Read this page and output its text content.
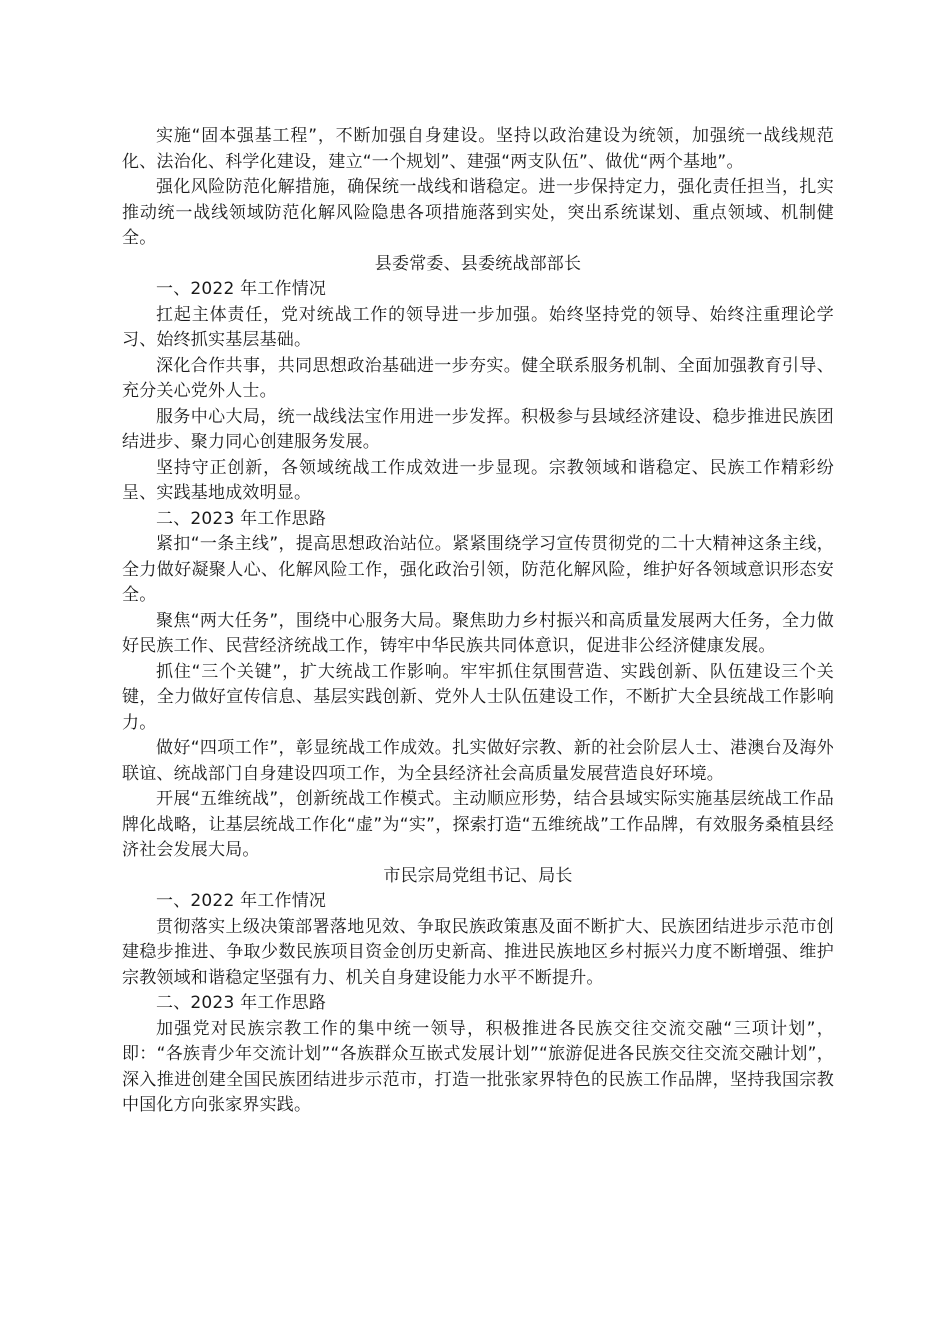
实施“固本强基工程”，不断加强自身建设。坚持以政治建设为统领，加强统一战线规范化、法治化、科学化建设，建立“一个规划”、建强“两支队伍”、做优“两个基地”。

强化风险防范化解措施，确保统一战线和谐稳定。进一步保持定力，强化责任担当，扎实推动统一战线领域防范化解风险隐患各项措施落到实处，突出系统谋划、重点领域、机制健全。

县委常委、县委统战部部长
一、2022 年工作情况

扛起主体责任，党对统战工作的领导进一步加强。始终坚持党的领导、始终注重理论学习、始终抓实基层基础。

深化合作共事，共同思想政治基础进一步夯实。健全联系服务机制、全面加强教育引导、充分关心党外人士。

服务中心大局，统一战线法宝作用进一步发挥。积极参与县域经济建设、稳步推进民族团结进步、聚力同心创建服务发展。

坚持守正创新，各领域统战工作成效进一步显现。宗教领域和谐稳定、民族工作精彩纷呈、实践基地成效明显。

二、2023 年工作思路

紧扣“一条主线”，提高思想政治站位。紧紧围绕学习宣传贯彻党的二十大精神这条主线，全力做好凝聚人心、化解风险工作，强化政治引领，防范化解风险，维护好各领域意识形态安全。

聚焦“两大任务”，围绕中心服务大局。聚焦助力乡村振兴和高质量发展两大任务，全力做好民族工作、民营经济统战工作，铸牢中华民族共同体意识，促进非公经济健康发展。

抓住“三个关键”，扩大统战工作影响。牢牢抓住氛围营造、实践创新、队伍建设三个关键，全力做好宣传信息、基层实践创新、党外人士队伍建设工作，不断扩大全县统战工作影响力。

做好“四项工作”，彰显统战工作成效。扎实做好宗教、新的社会阶层人士、港澳台及海外联谊、统战部门自身建设四项工作，为全县经济社会高质量发展营造良好环境。

开展“五维统战”，创新统战工作模式。主动顺应形势，结合县域实际实施基层统战工作品牌化战略，让基层统战工作化“虚”为“实”，探索打造“五维统战”工作品牌，有效服务桑植县经济社会发展大局。

市民宗局党组书记、局长
一、2022 年工作情况

贯彻落实上级决策部署落地见效、争取民族政策惠及面不断扩大、民族团结进步示范市创建稳步推进、争取少数民族项目资金创历史新高、推进民族地区乡村振兴力度不断增强、维护宗教领域和谐稳定坚强有力、机关自身建设能力水平不断提升。

二、2023 年工作思路

加强党对民族宗教工作的集中统一领导，积极推进各民族交往交流交融“三项计划”，即：“各族青少年交流计划”“各族群众互嵌式发展计划”“旅游促进各民族交往交流交融计划”，深入推进创建全国民族团结进步示范市，打造一批张家界特色的民族工作品牌，坚持我国宗教中国化方向张家界实践。
